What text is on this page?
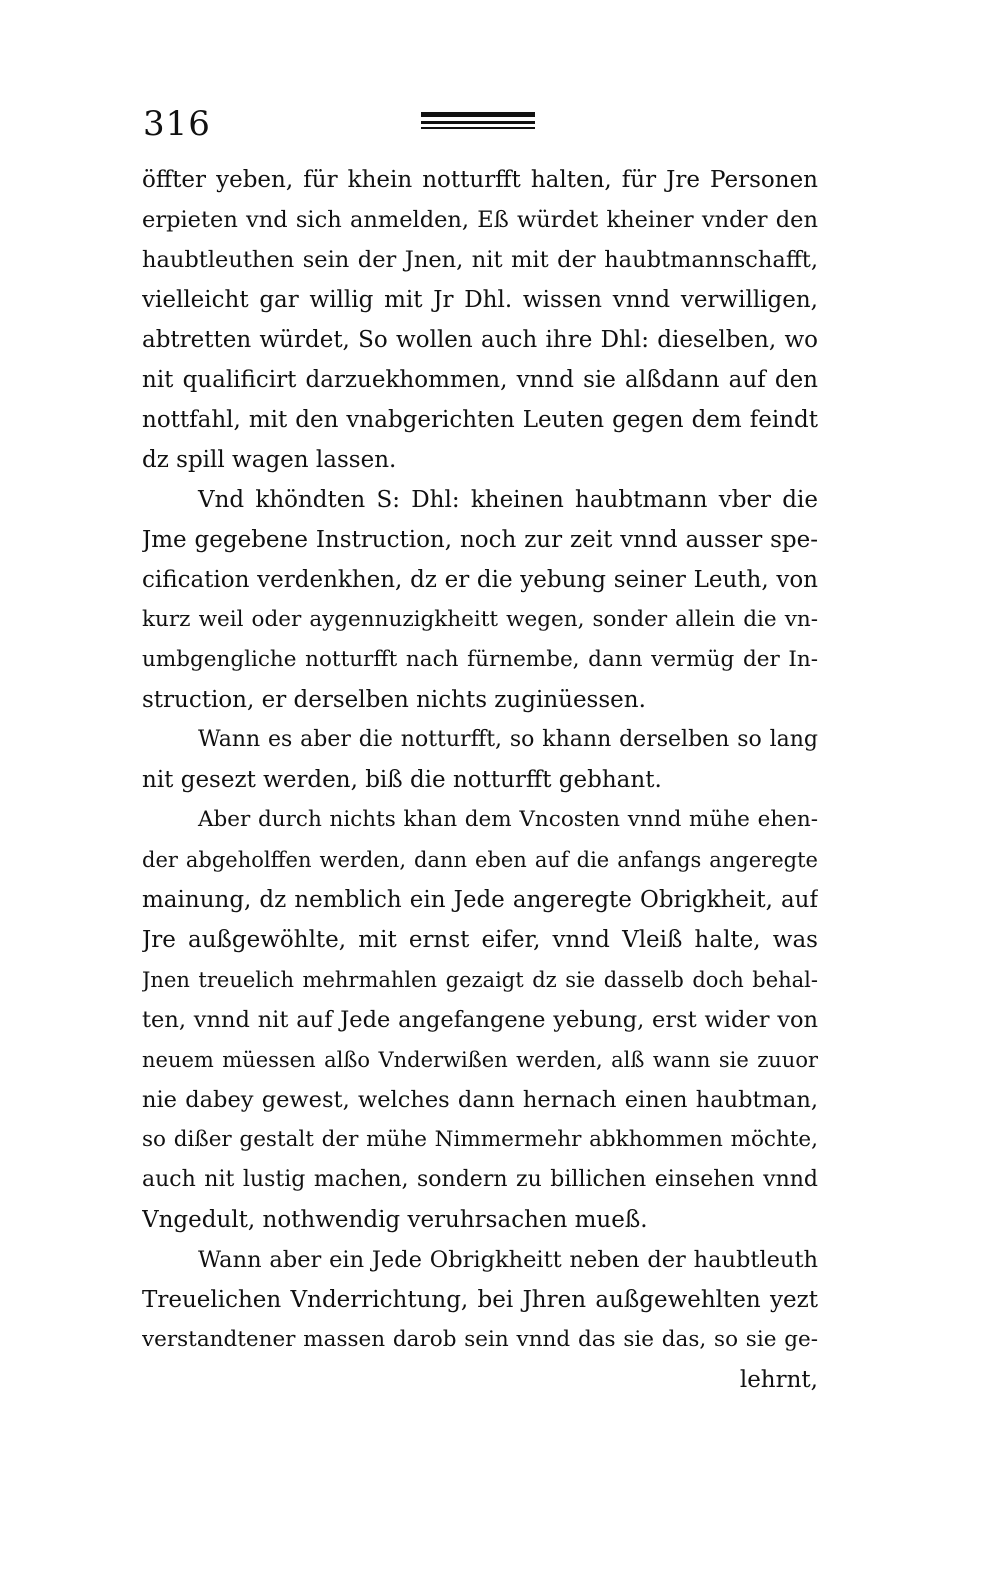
316
öffter yeben, für khein notturfft halten, für Jre Personen
erpieten vnd sich anmelden, Eß würdet kheiner vnder den
haubtleuthen sein der Jnen, nit mit der haubtmannschafft,
vielleicht gar willig mit Jr Dhl. wissen vnnd verwilligen,
abtretten würdet, So wollen auch ihre Dhl: dieselben, wo
nit qualificirt darzuekhommen, vnnd sie alßdann auf den
nottfahl, mit den vnabgerichten Leuten gegen dem feindt
dz spill wagen lassen.
Vnd khöndten S: Dhl: kheinen haubtmann vber die
Jme gegebene Instruction, noch zur zeit vnnd ausser spe-
cification verdenkhen, dz er die yebung seiner Leuth, von
kurz weil oder aygennuzigkheitt wegen, sonder allein die vn-
umbgengliche notturfft nach fürnembe, dann vermüg der In-
struction, er derselben nichts zuginüessen.
Wann es aber die notturfft, so khann derselben so lang
nit gesezt werden, biß die notturfft gebhant.
Aber durch nichts khan dem Vncosten vnnd mühe ehen-
der abgeholffen werden, dann eben auf die anfangs angeregte
mainung, dz nemblich ein Jede angeregte Obrigkheit, auf
Jre außgewöhlte, mit ernst eifer, vnnd Vleiß halte, was
Jnen treuelich mehrmahlen gezaigt dz sie dasselb doch behal-
ten, vnnd nit auf Jede angefangene yebung, erst wider von
neuem müessen alßo Vnderwißen werden, alß wann sie zuuor
nie dabey gewest, welches dann hernach einen haubtman,
so dißer gestalt der mühe Nimmermehr abkhommen möchte,
auch nit lustig machen, sondern zu billichen einsehen vnnd
Vngedult, nothwendig veruhrsachen mueß.
Wann aber ein Jede Obrigkheitt neben der haubtleuth
Treuelichen Vnderrichtung, bei Jhren außgewehlten yezt
verstandtener massen darob sein vnnd das sie das, so sie ge-
lehrnt,
